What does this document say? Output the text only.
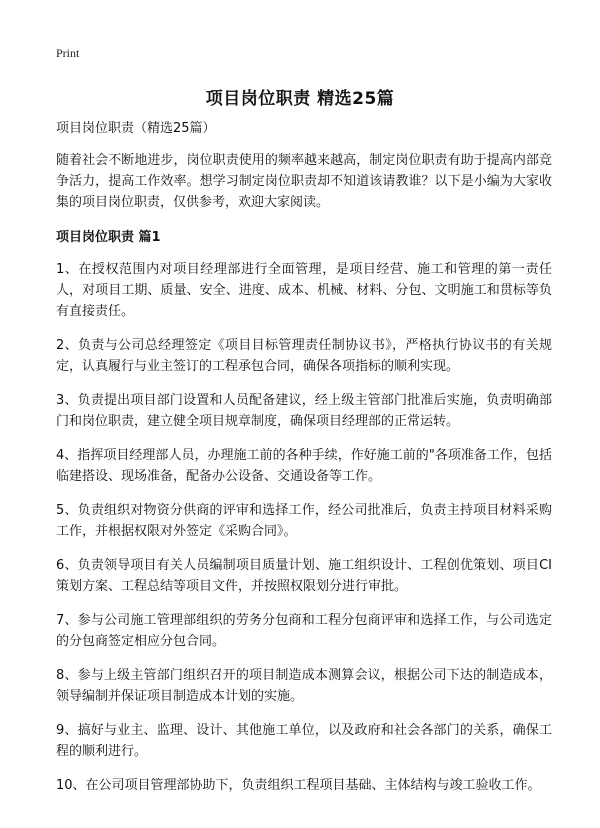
Print
项目岗位职责 精选25篇

项目岗位职责（精选25篇）

随着社会不断地进步，岗位职责使用的频率越来越高，制定岗位职责有助于提高内部竞争活力，提高工作效率。想学习制定岗位职责却不知道该请教谁？以下是小编为大家收集的项目岗位职责，仅供参考，欢迎大家阅读。

项目岗位职责 篇1

1、在授权范围内对项目经理部进行全面管理，是项目经营、施工和管理的第一责任人，对项目工期、质量、安全、进度、成本、机械、材料、分包、文明施工和贯标等负有直接责任。

2、负责与公司总经理签定《项目目标管理责任制协议书》，严格执行协议书的有关规定，认真履行与业主签订的工程承包合同，确保各项指标的顺利实现。

3、负责提出项目部门设置和人员配备建议，经上级主管部门批准后实施，负责明确部门和岗位职责，建立健全项目规章制度，确保项目经理部的正常运转。

4、指挥项目经理部人员，办理施工前的各种手续，作好施工前的"各项准备工作，包括临建搭设、现场准备，配备办公设备、交通设备等工作。

5、负责组织对物资分供商的评审和选择工作，经公司批准后，负责主持项目材料采购工作，并根据权限对外签定《采购合同》。

6、负责领导项目有关人员编制项目质量计划、施工组织设计、工程创优策划、项目CI策划方案、工程总结等项目文件，并按照权限划分进行审批。

7、参与公司施工管理部组织的劳务分包商和工程分包商评审和选择工作，与公司选定的分包商签定相应分包合同。

8、参与上级主管部门组织召开的项目制造成本测算会议，根据公司下达的制造成本，领导编制并保证项目制造成本计划的实施。

9、搞好与业主、监理、设计、其他施工单位，以及政府和社会各部门的关系，确保工程的顺利进行。

10、在公司项目管理部协助下，负责组织工程项目基础、主体结构与竣工验收工作。
